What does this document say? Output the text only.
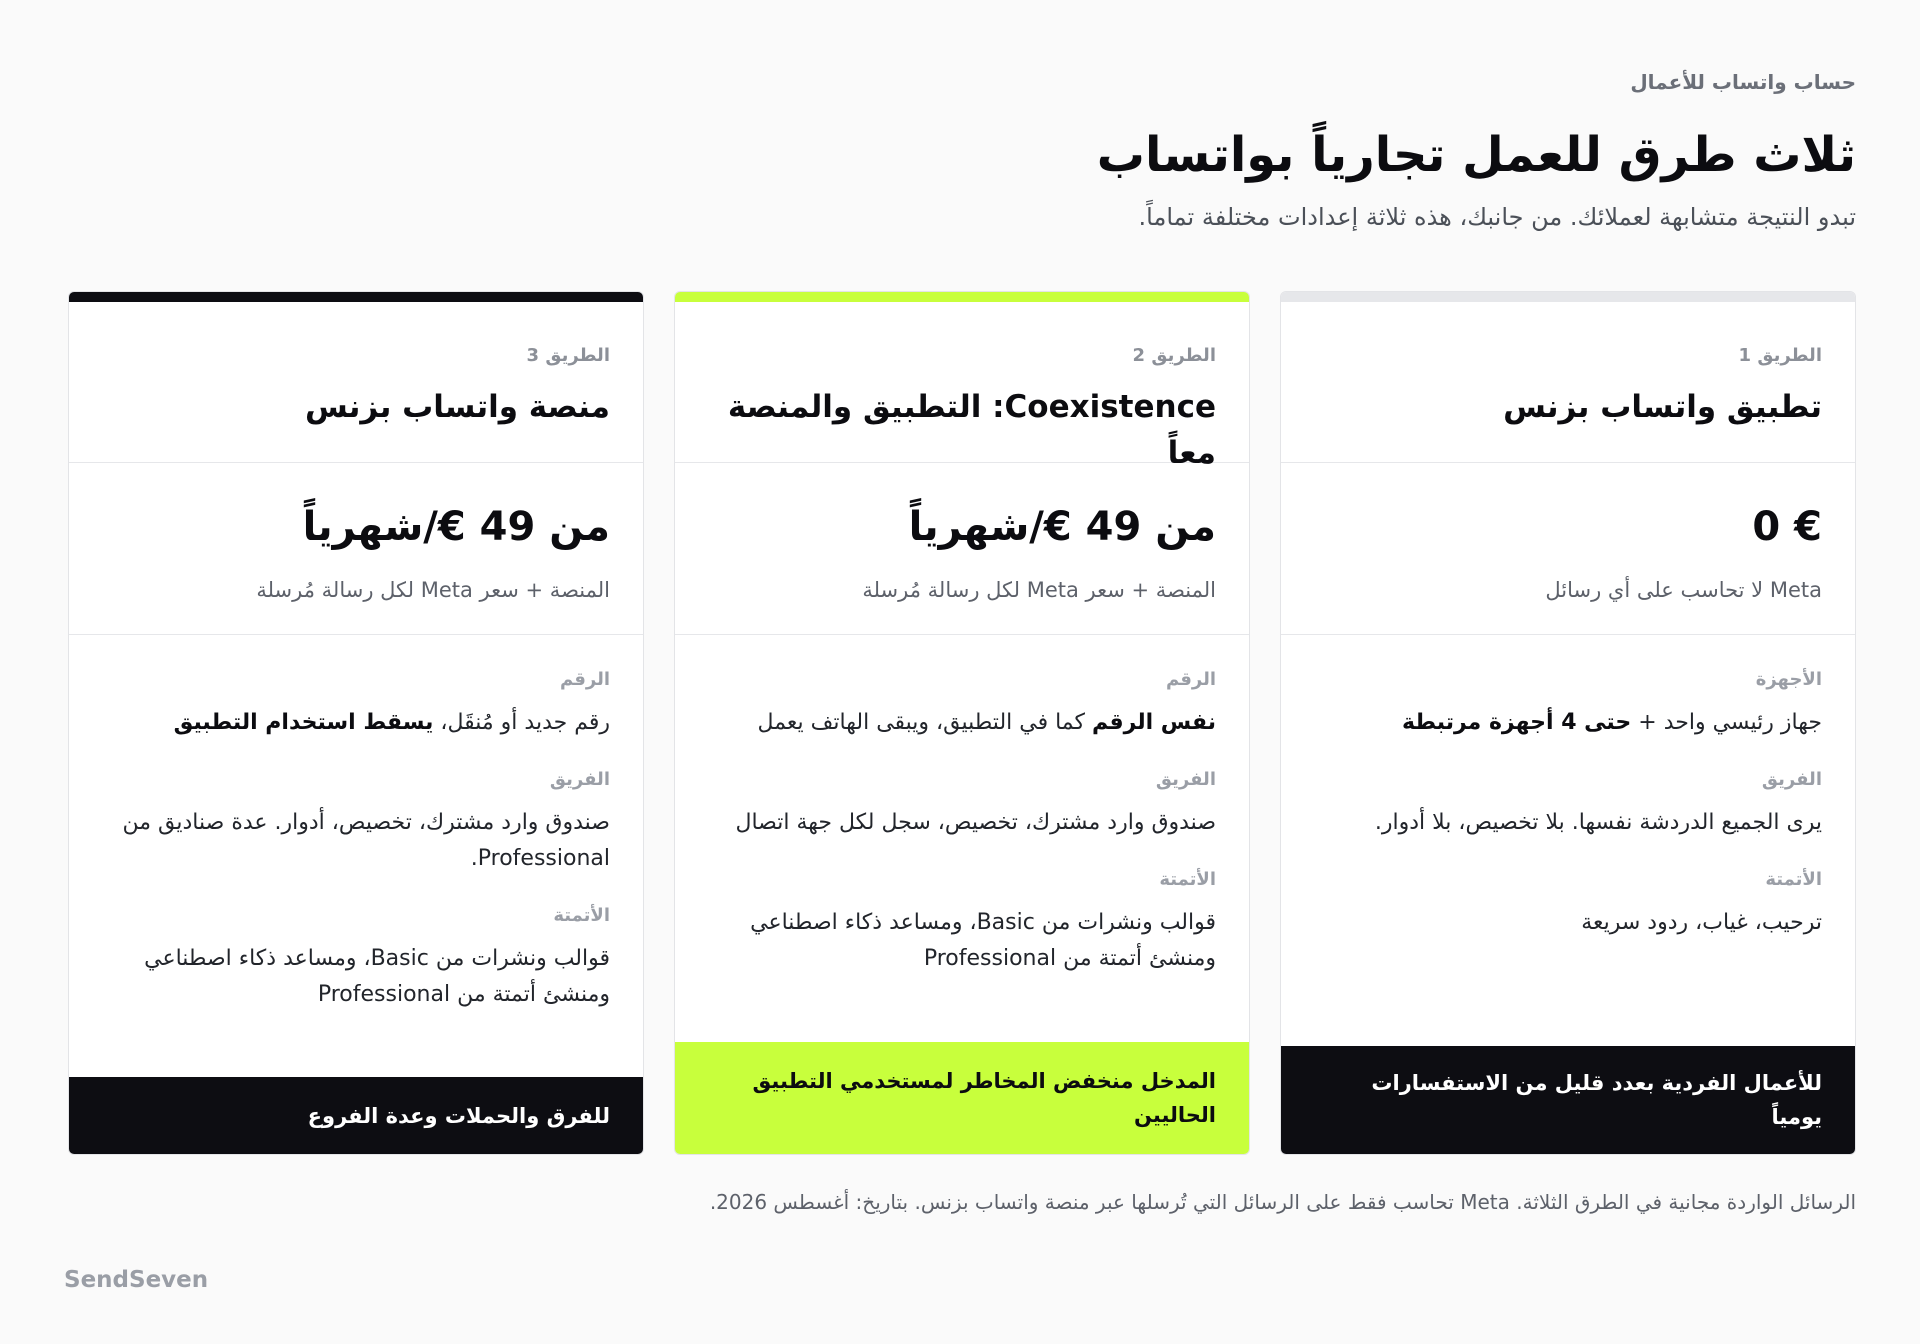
حساب واتساب للأعمال
ثلاث طرق للعمل تجارياً بواتساب
تبدو النتيجة متشابهة لعملائك. من جانبك، هذه ثلاثة إعدادات مختلفة تماماً.
الطريق 1
تطبيق واتساب بزنس
€ 0
Meta لا تحاسب على أي رسائل
الأجهزة
جهاز رئيسي واحد + حتى 4 أجهزة مرتبطة
الفريق
يرى الجميع الدردشة نفسها. بلا تخصيص، بلا أدوار.
الأتمتة
ترحيب، غياب، ردود سريعة
للأعمال الفردية بعدد قليل من الاستفسارات يومياً
الطريق 2
Coexistence: التطبيق والمنصة معاً
من 49 €/شهرياً
المنصة + سعر Meta لكل رسالة مُرسلة
الرقم
نفس الرقم كما في التطبيق، ويبقى الهاتف يعمل
الفريق
صندوق وارد مشترك، تخصيص، سجل لكل جهة اتصال
الأتمتة
قوالب ونشرات من Basic، ومساعد ذكاء اصطناعي ومنشئ أتمتة من Professional
المدخل منخفض المخاطر لمستخدمي التطبيق الحاليين
الطريق 3
منصة واتساب بزنس
من 49 €/شهرياً
المنصة + سعر Meta لكل رسالة مُرسلة
الرقم
رقم جديد أو مُنقَل، يسقط استخدام التطبيق
الفريق
صندوق وارد مشترك، تخصيص، أدوار. عدة صناديق من Professional.
الأتمتة
قوالب ونشرات من Basic، ومساعد ذكاء اصطناعي ومنشئ أتمتة من Professional
للفرق والحملات وعدة الفروع
الرسائل الواردة مجانية في الطرق الثلاثة. Meta تحاسب فقط على الرسائل التي تُرسلها عبر منصة واتساب بزنس. بتاريخ: أغسطس 2026.
SendSeven
